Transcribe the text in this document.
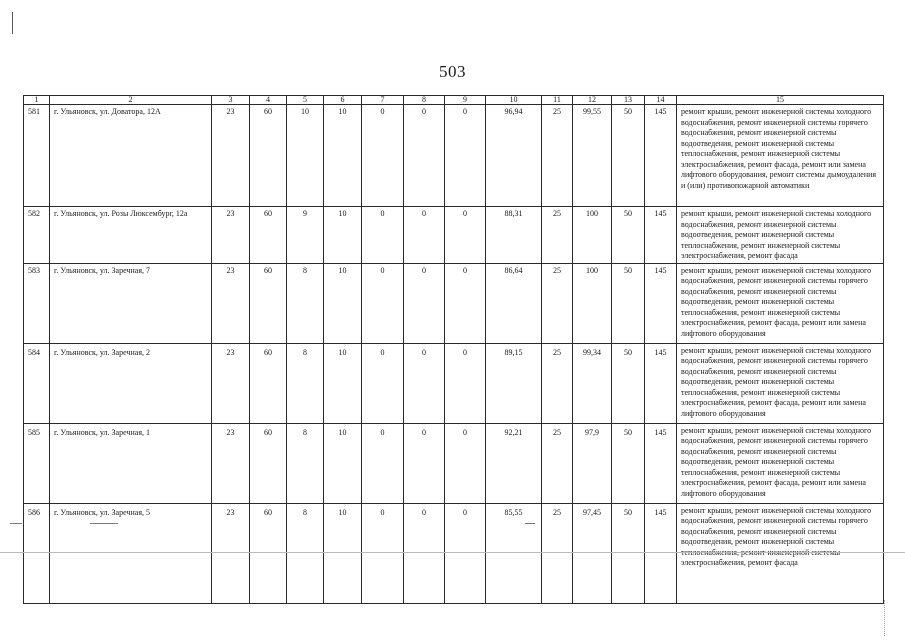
503
1	2	3	4	5	6	7	8	9	10	11	12	13	14	15
581	г. Ульяновск, ул. Доватора, 12А	23	60	10	10	0	0	0	96,94	25	99,55	50	145	ремонт крыши, ремонт инженерной системы холодного водоснабжения, ремонт инженерной системы горячего водоснабжения, ремонт инженерной системы водоотведения, ремонт инженерной системы теплоснабжения, ремонт инженерной системы электроснабжения, ремонт фасада, ремонт или замена лифтового оборудования, ремонт системы дымоудаления и (или) противопожарной автоматики
582	г. Ульяновск, ул. Розы Люксембург, 12а	23	60	9	10	0	0	0	88,31	25	100	50	145	ремонт крыши, ремонт инженерной системы холодного водоснабжения, ремонт инженерной системы водоотведения, ремонт инженерной системы теплоснабжения, ремонт инженерной системы электроснабжения, ремонт фасада
583	г. Ульяновск, ул. Заречная, 7	23	60	8	10	0	0	0	86,64	25	100	50	145	ремонт крыши, ремонт инженерной системы холодного водоснабжения, ремонт инженерной системы горячего водоснабжения, ремонт инженерной системы водоотведения, ремонт инженерной системы теплоснабжения, ремонт инженерной системы электроснабжения, ремонт фасада, ремонт или замена лифтового оборудования
584	г. Ульяновск, ул. Заречная, 2	23	60	8	10	0	0	0	89,15	25	99,34	50	145	ремонт крыши, ремонт инженерной системы холодного водоснабжения, ремонт инженерной системы горячего водоснабжения, ремонт инженерной системы водоотведения, ремонт инженерной системы теплоснабжения, ремонт инженерной системы электроснабжения, ремонт фасада, ремонт или замена лифтового оборудования
585	г. Ульяновск, ул. Заречная, 1	23	60	8	10	0	0	0	92,21	25	97,9	50	145	ремонт крыши, ремонт инженерной системы холодного водоснабжения, ремонт инженерной системы горячего водоснабжения, ремонт инженерной системы водоотведения, ремонт инженерной системы теплоснабжения, ремонт инженерной системы электроснабжения, ремонт фасада, ремонт или замена лифтового оборудования
586	г. Ульяновск, ул. Заречная, 5	23	60	8	10	0	0	0	85,55	25	97,45	50	145	ремонт крыши, ремонт инженерной системы холодного водоснабжения, ремонт инженерной системы горячего водоснабжения, ремонт инженерной системы водоотведения, ремонт инженерной системы теплоснабжения, ремонт инженерной системы электроснабжения, ремонт фасада
